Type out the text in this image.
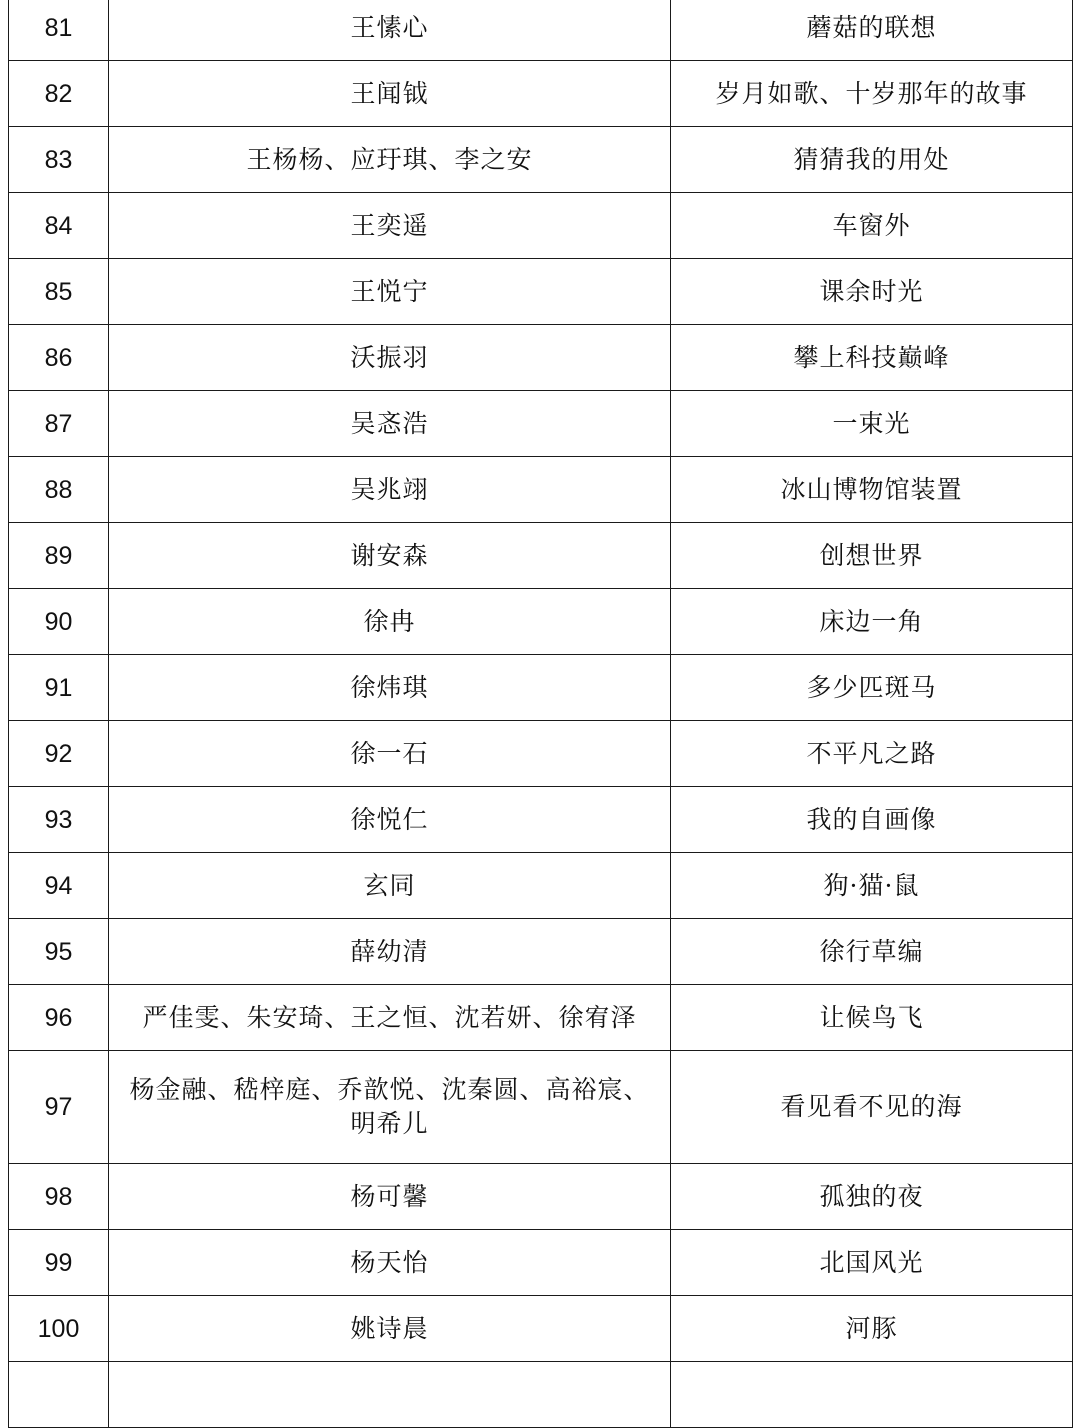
81	王愫心	蘑菇的联想
82	王闻钺	岁月如歌、十岁那年的故事
83	王杨杨、应玗琪、李之安	猜猜我的用处
84	王奕遥	车窗外
85	王悦宁	课余时光
86	沃振羽	攀上科技巅峰
87	吴忞浩	一束光
88	吴兆翊	冰山博物馆装置
89	谢安森	创想世界
90	徐冉	床边一角
91	徐炜琪	多少匹斑马
92	徐一石	不平凡之路
93	徐悦仁	我的自画像
94	玄同	狗·猫·鼠
95	薛幼清	徐行草编
96	严佳雯、朱安琦、王之恒、沈若妍、徐宥泽	让候鸟飞
97	杨金融、嵇梓庭、乔歆悦、沈秦圆、高裕宸、明希儿	看见看不见的海
98	杨可馨	孤独的夜
99	杨天怡	北国风光
100	姚诗晨	河豚
